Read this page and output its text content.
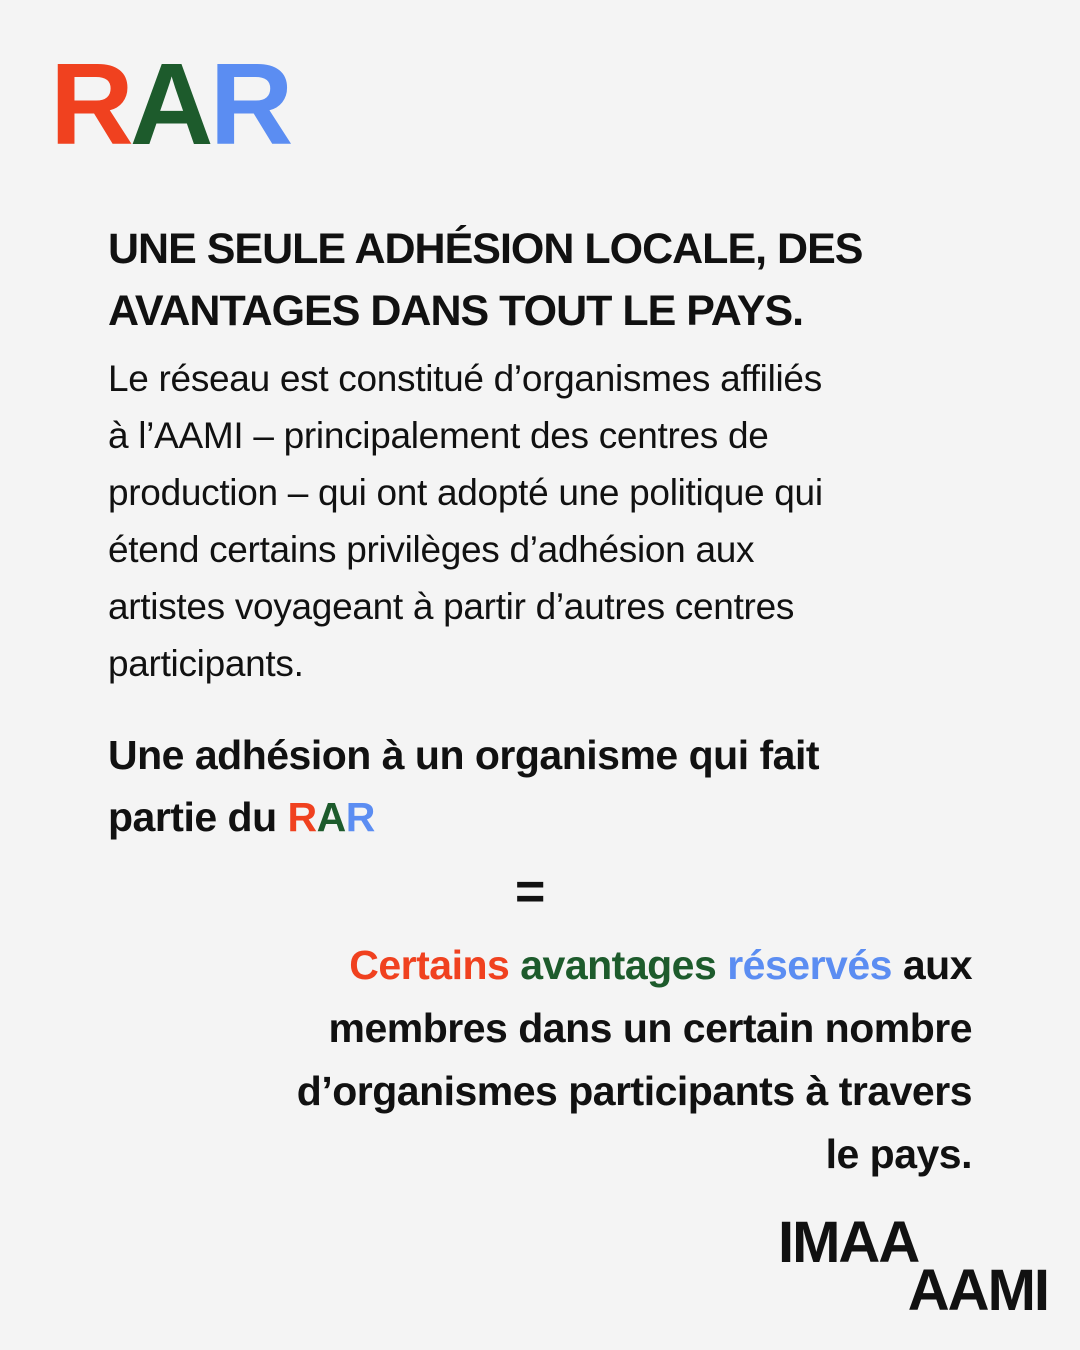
RAR
UNE SEULE ADHÉSION LOCALE, DES
AVANTAGES DANS TOUT LE PAYS.

Le réseau est constitué d’organismes affiliés
à l’AAMI – principalement des centres de
production – qui ont adopté une politique qui
étend certains privilèges d’adhésion aux
artistes voyageant à partir d’autres centres
participants.

Une adhésion à un organisme qui fait
partie du RAR

=

Certains avantages réservés aux
membres dans un certain nombre
d’organismes participants à travers
le pays.

IMAA
AAMI
